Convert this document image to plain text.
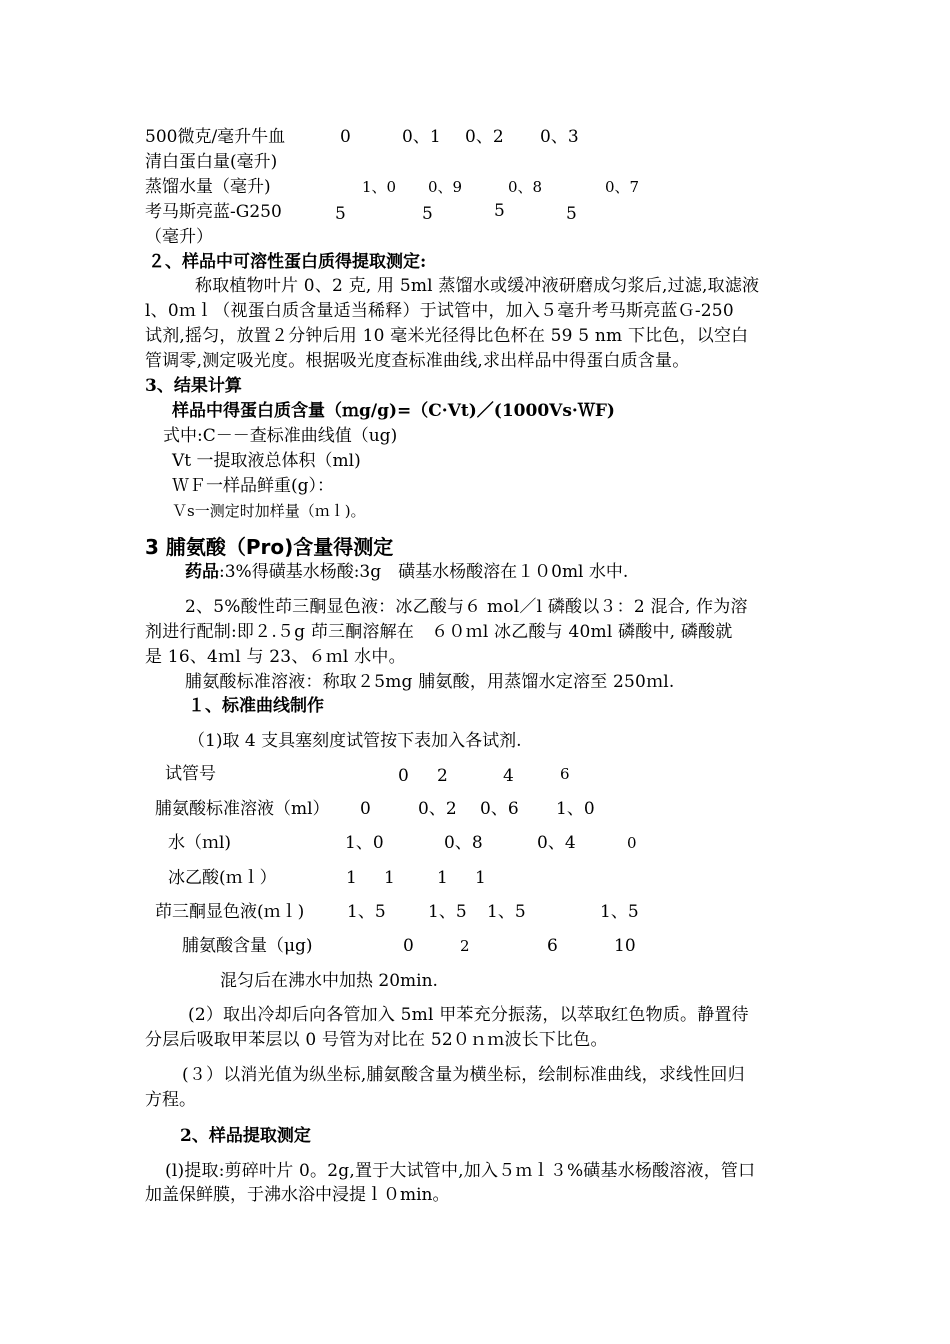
500微克/毫升牛血	0	0、1 0、2 0、3
清白蛋白量(毫升)
蒸馏水量（毫升)	1、0 0、9	0、8	0、7
考马斯亮蓝-G250	5	5	5	5
（毫升）
２、样品中可溶性蛋白质得提取测定:
称取植物叶片 0、2 克, 用 5ml 蒸馏水或缓冲液研磨成匀浆后,过滤,取滤液
l、0ｍｌ（视蛋白质含量适当稀释）于试管中，加入５毫升考马斯亮蓝Ｇ-250
试剂,摇匀，放置２分钟后用 10 毫米光径得比色杯在 59 5 nm 下比色，以空白
管调零,测定吸光度。根据吸光度查标准曲线,求出样品中得蛋白质含量。
3、结果计算
样品中得蛋白质含量（ｍg/g)=（C·Vt)／(1000Vs·ＷF)
式中:C－－查标准曲线值（ug)
Vt 一提取液总体积（ml)
ＷＦ一样品鲜重(g）：
Ｖs一测定时加样量（ｍｌ)。
3 脯氨酸（Pro)含量得测定
药品:3%得磺基水杨酸:3g　磺基水杨酸溶在１０0ml 水中.
2、5%酸性茚三酮显色液：冰乙酸与６ mol／l 磷酸以３：2 混合, 作为溶
剂进行配制:即２.５g 茚三酮溶解在　６０ｍl 冰乙酸与 40ml 磷酸中, 磷酸就
是 16、4ｍl 与 23、６ｍl 水中。
脯氨酸标准溶液：称取２5mg 脯氨酸，用蒸馏水定溶至 250ｍl.
１、标准曲线制作
（1)取 4 支具塞刻度试管按下表加入各试剂.
试管号	0 2	4	6
脯氨酸标准溶液（ml） 0	0、2 0、6 1、0
水（ｍl)	1、0	0、8	0、4	0
冰乙酸(ｍｌ）	1 1 1 1
茚三酮显色液(ｍｌ)	1、5 1、5 1、5	1、5
脯氨酸含量（μg)	0	2	6	10
混匀后在沸水中加热 20min.
(2）取出冷却后向各管加入 5ml 甲苯充分振荡，以萃取红色物质。静置待
分层后吸取甲苯层以 0 号管为对比在 52０ｎｍ波长下比色。
(３）以消光值为纵坐标,脯氨酸含量为横坐标，绘制标准曲线，求线性回归
方程。
2、样品提取测定
(l)提取:剪碎叶片 0。2g,置于大试管中,加入５ｍｌ３%磺基水杨酸溶液，管口
加盖保鲜膜，于沸水浴中浸提ｌ０min。
